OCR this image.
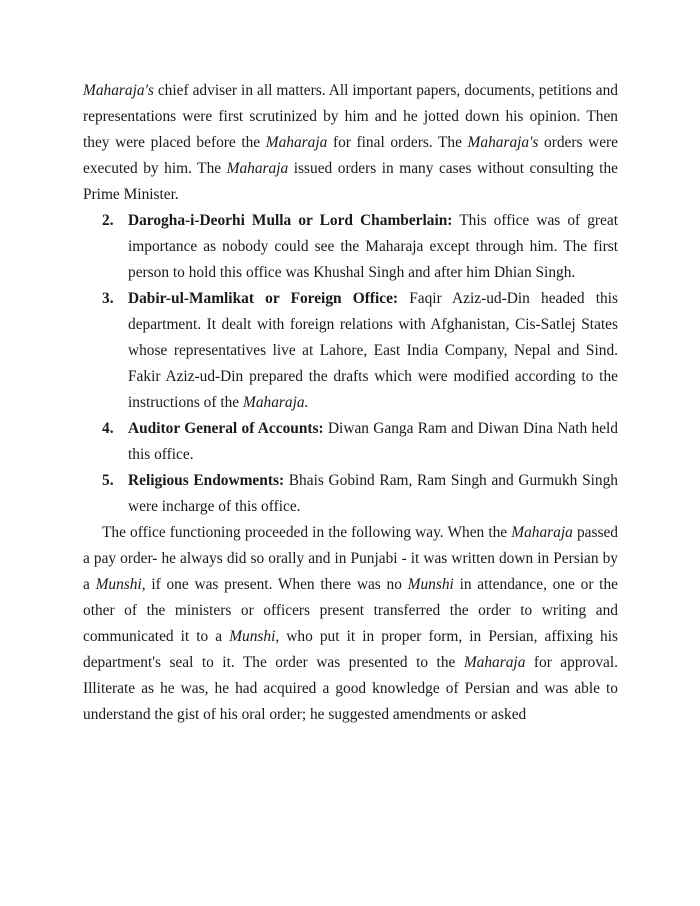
Maharaja's chief adviser in all matters. All important papers, documents, petitions and representations were first scrutinized by him and he jotted down his opinion. Then they were placed before the Maharaja for final orders. The Maharaja's orders were executed by him. The Maharaja issued orders in many cases without consulting the Prime Minister.

2. Darogha-i-Deorhi Mulla or Lord Chamberlain: This office was of great importance as nobody could see the Maharaja except through him. The first person to hold this office was Khushal Singh and after him Dhian Singh.
3. Dabir-ul-Mamlikat or Foreign Office: Faqir Aziz-ud-Din headed this department. It dealt with foreign relations with Afghanistan, Cis-Satlej States whose representatives live at Lahore, East India Company, Nepal and Sind. Fakir Aziz-ud-Din prepared the drafts which were modified according to the instructions of the Maharaja.
4. Auditor General of Accounts: Diwan Ganga Ram and Diwan Dina Nath held this office.
5. Religious Endowments: Bhais Gobind Ram, Ram Singh and Gurmukh Singh were incharge of this office.

The office functioning proceeded in the following way. When the Maharaja passed a pay order- he always did so orally and in Punjabi - it was written down in Persian by a Munshi, if one was present. When there was no Munshi in attendance, one or the other of the ministers or officers present transferred the order to writing and communicated it to a Munshi, who put it in proper form, in Persian, affixing his department's seal to it. The order was presented to the Maharaja for approval. Illiterate as he was, he had acquired a good knowledge of Persian and was able to understand the gist of his oral order; he suggested amendments or asked
